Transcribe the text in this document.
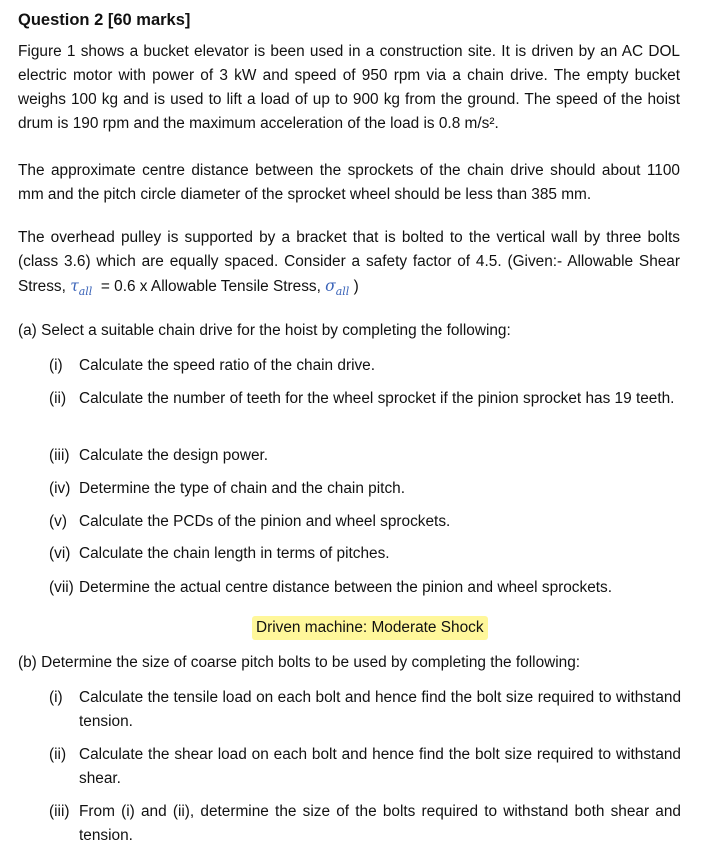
Question 2 [60 marks]

Figure 1 shows a bucket elevator is been used in a construction site. It is driven by an AC DOL electric motor with power of 3 kW and speed of 950 rpm via a chain drive. The empty bucket weighs 100 kg and is used to lift a load of up to 900 kg from the ground. The speed of the hoist drum is 190 rpm and the maximum acceleration of the load is 0.8 m/s².

The approximate centre distance between the sprockets of the chain drive should about 1100 mm and the pitch circle diameter of the sprocket wheel should be less than 385 mm.

The overhead pulley is supported by a bracket that is bolted to the vertical wall by three bolts (class 3.6) which are equally spaced. Consider a safety factor of 4.5. (Given:- Allowable Shear Stress, $\tau_{all} = 0.6$ x Allowable Tensile Stress, $\sigma_{all}$ )

(a) Select a suitable chain drive for the hoist by completing the following:

(i) Calculate the speed ratio of the chain drive.
(ii) Calculate the number of teeth for the wheel sprocket if the pinion sprocket has 19 teeth.
(iii) Calculate the design power.
(iv) Determine the type of chain and the chain pitch.
(v) Calculate the PCDs of the pinion and wheel sprockets.
(vi) Calculate the chain length in terms of pitches.
(vii) Determine the actual centre distance between the pinion and wheel sprockets.
Driven machine: Moderate Shock

(b) Determine the size of coarse pitch bolts to be used by completing the following:

(i) Calculate the tensile load on each bolt and hence find the bolt size required to withstand tension.
(ii) Calculate the shear load on each bolt and hence find the bolt size required to withstand shear.
(iii) From (i) and (ii), determine the size of the bolts required to withstand both shear and tension.
